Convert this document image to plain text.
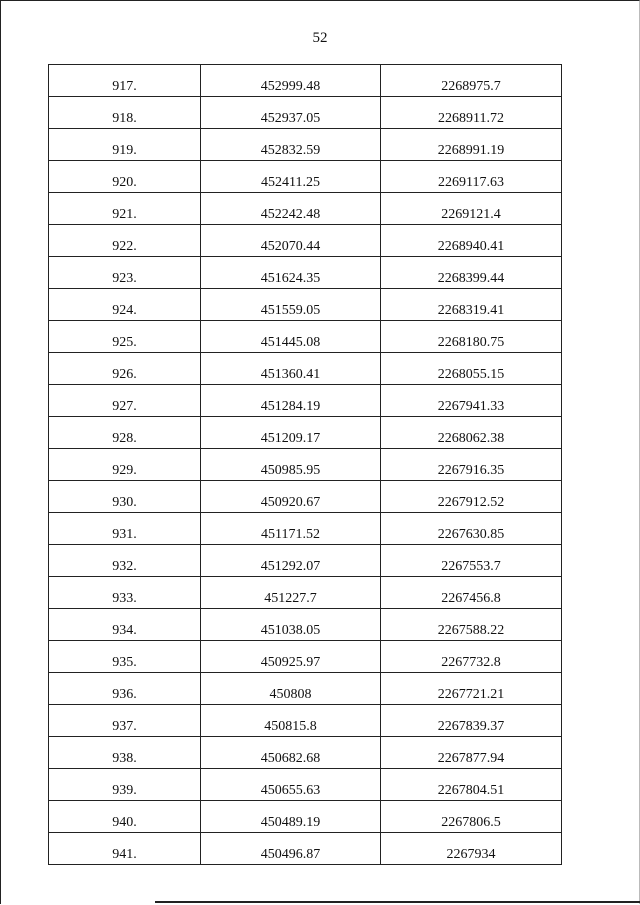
52
917.	452999.48	2268975.7
918.	452937.05	2268911.72
919.	452832.59	2268991.19
920.	452411.25	2269117.63
921.	452242.48	2269121.4
922.	452070.44	2268940.41
923.	451624.35	2268399.44
924.	451559.05	2268319.41
925.	451445.08	2268180.75
926.	451360.41	2268055.15
927.	451284.19	2267941.33
928.	451209.17	2268062.38
929.	450985.95	2267916.35
930.	450920.67	2267912.52
931.	451171.52	2267630.85
932.	451292.07	2267553.7
933.	451227.7	2267456.8
934.	451038.05	2267588.22
935.	450925.97	2267732.8
936.	450808	2267721.21
937.	450815.8	2267839.37
938.	450682.68	2267877.94
939.	450655.63	2267804.51
940.	450489.19	2267806.5
941.	450496.87	2267934
